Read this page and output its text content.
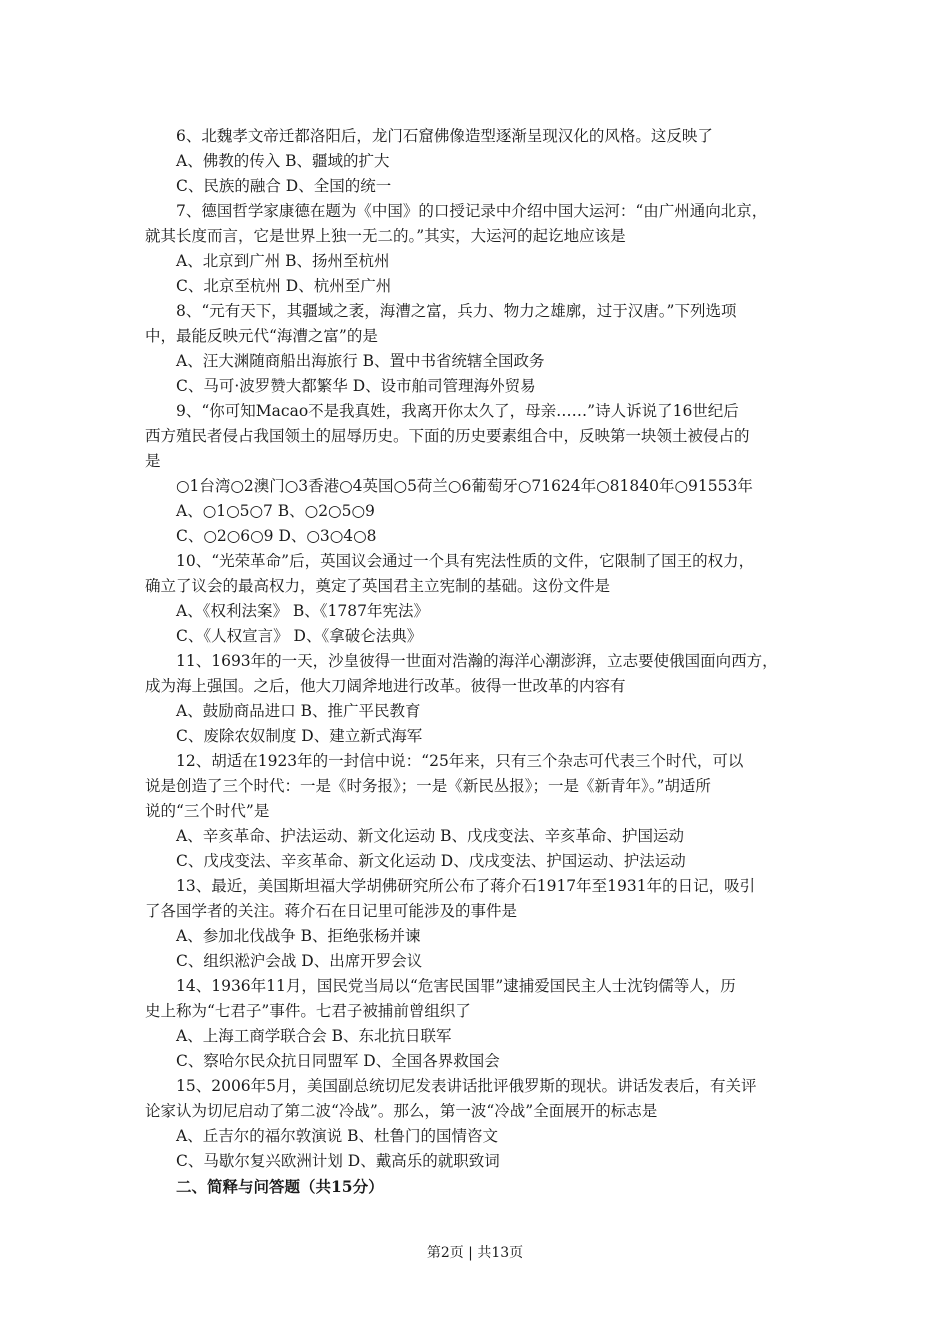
6、北魏孝文帝迁都洛阳后，龙门石窟佛像造型逐渐呈现汉化的风格。这反映了
A、佛教的传入 B、疆域的扩大
C、民族的融合 D、全国的统一
7、德国哲学家康德在题为《中国》的口授记录中介绍中国大运河：“由广州通向北京，
就其长度而言，它是世界上独一无二的。”其实，大运河的起讫地应该是
A、北京到广州 B、扬州至杭州
C、北京至杭州 D、杭州至广州
8、“元有天下，其疆域之袤，海漕之富，兵力、物力之雄廓，过于汉唐。”下列选项
中，最能反映元代“海漕之富”的是
A、汪大渊随商船出海旅行 B、置中书省统辖全国政务
C、马可·波罗赞大都繁华 D、设市舶司管理海外贸易
9、“你可知Macao不是我真姓，我离开你太久了，母亲……”诗人诉说了16世纪后
西方殖民者侵占我国领土的屈辱历史。下面的历史要素组合中，反映第一块领土被侵占的
是
○1台湾○2澳门○3香港○4英国○5荷兰○6葡萄牙○71624年○81840年○91553年
A、○1○5○7 B、○2○5○9
C、○2○6○9 D、○3○4○8
10、“光荣革命”后，英国议会通过一个具有宪法性质的文件，它限制了国王的权力，
确立了议会的最高权力，奠定了英国君主立宪制的基础。这份文件是
A、《权利法案》 B、《1787年宪法》
C、《人权宣言》 D、《拿破仑法典》
11、1693年的一天，沙皇彼得一世面对浩瀚的海洋心潮澎湃，立志要使俄国面向西方，
成为海上强国。之后，他大刀阔斧地进行改革。彼得一世改革的内容有
A、鼓励商品进口 B、推广平民教育
C、废除农奴制度 D、建立新式海军
12、胡适在1923年的一封信中说：“25年来，只有三个杂志可代表三个时代，可以
说是创造了三个时代：一是《时务报》；一是《新民丛报》；一是《新青年》。”胡适所
说的“三个时代”是
A、辛亥革命、护法运动、新文化运动 B、戊戌变法、辛亥革命、护国运动
C、戊戌变法、辛亥革命、新文化运动 D、戊戌变法、护国运动、护法运动
13、最近，美国斯坦福大学胡佛研究所公布了蒋介石1917年至1931年的日记，吸引
了各国学者的关注。蒋介石在日记里可能涉及的事件是
A、参加北伐战争 B、拒绝张杨并谏
C、组织淞沪会战 D、出席开罗会议
14、1936年11月，国民党当局以“危害民国罪”逮捕爱国民主人士沈钧儒等人，历
史上称为“七君子”事件。七君子被捕前曾组织了
A、上海工商学联合会 B、东北抗日联军
C、察哈尔民众抗日同盟军 D、全国各界救国会
15、2006年5月，美国副总统切尼发表讲话批评俄罗斯的现状。讲话发表后，有关评
论家认为切尼启动了第二波“冷战”。那么，第一波“冷战”全面展开的标志是
A、丘吉尔的福尔敦演说 B、杜鲁门的国情咨文
C、马歇尔复兴欧洲计划 D、戴高乐的就职致词
二、简释与问答题（共15分）
第2页 | 共13页
